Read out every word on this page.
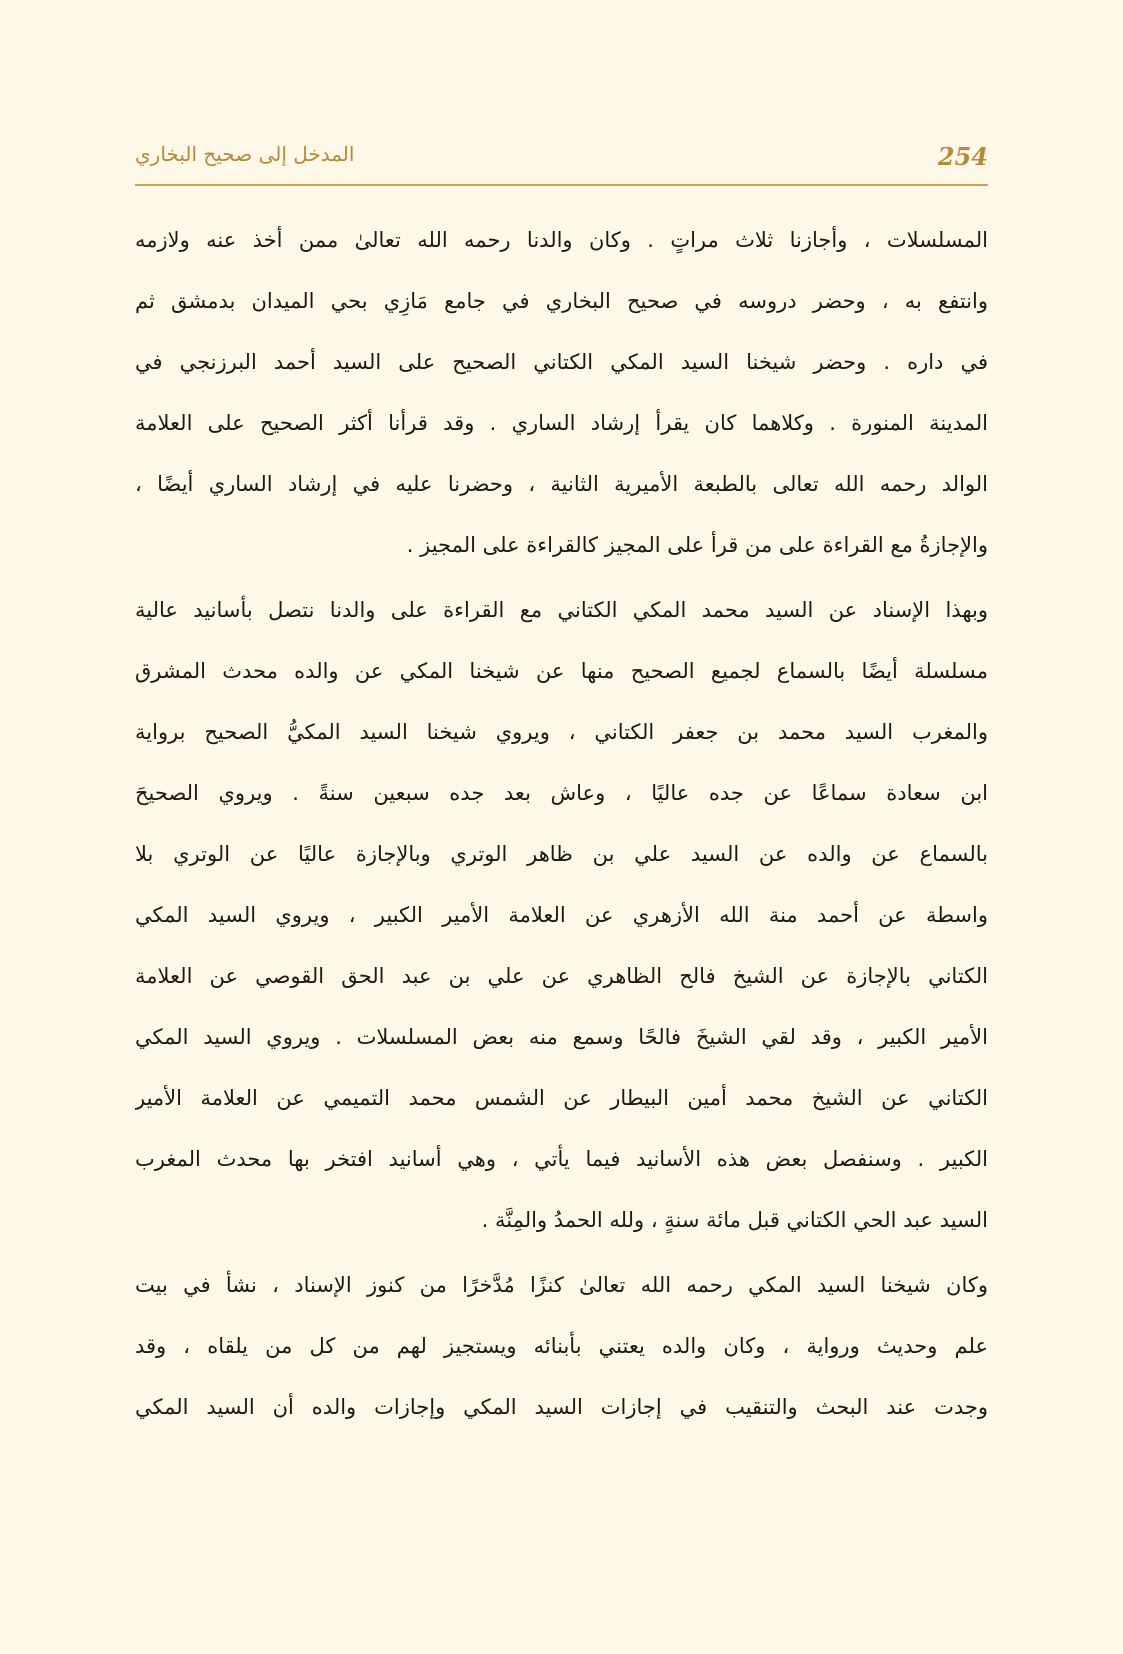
254
المدخل إلى صحيح البخاري
المسلسلات ، وأجازنا ثلاث مراتٍ . وكان والدنا رحمه الله تعالىٰ ممن أخذ عنه ولازمه
وانتفع به ، وحضر دروسه في صحيح البخاري في جامع مَازِي بحي الميدان بدمشق ثم
في داره . وحضر شيخنا السيد المكي الكتاني الصحيح على السيد أحمد البرزنجي في
المدينة المنورة . وكلاهما كان يقرأ إرشاد الساري . وقد قرأنا أكثر الصحيح على العلامة
الوالد رحمه الله تعالى بالطبعة الأميرية الثانية ، وحضرنا عليه في إرشاد الساري أيضًا ،
والإجازةُ مع القراءة على من قرأ على المجيز كالقراءة على المجيز .
وبهذا الإسناد عن السيد محمد المكي الكتاني مع القراءة على والدنا نتصل بأسانيد عالية
مسلسلة أيضًا بالسماع لجميع الصحيح منها عن شيخنا المكي عن والده محدث المشرق
والمغرب السيد محمد بن جعفر الكتاني ، ويروي شيخنا السيد المكيُّ الصحيح برواية
ابن سعادة سماعًا عن جده عاليًا ، وعاش بعد جده سبعين سنةً . ويروي الصحيحَ
بالسماع عن والده عن السيد علي بن ظاهر الوتري وبالإجازة عاليًا عن الوتري بلا
واسطة عن أحمد منة الله الأزهري عن العلامة الأمير الكبير ، ويروي السيد المكي
الكتاني بالإجازة عن الشيخ فالح الظاهري عن علي بن عبد الحق القوصي عن العلامة
الأمير الكبير ، وقد لقي الشيخَ فالحًا وسمع منه بعض المسلسلات . ويروي السيد المكي
الكتاني عن الشيخ محمد أمين البيطار عن الشمس محمد التميمي عن العلامة الأمير
الكبير . وسنفصل بعض هذه الأسانيد فيما يأتي ، وهي أسانيد افتخر بها محدث المغرب
السيد عبد الحي الكتاني قبل مائة سنةٍ ، ولله الحمدُ والمِنَّة .
وكان شيخنا السيد المكي رحمه الله تعالىٰ كنزًا مُدَّخرًا من كنوز الإسناد ، نشأ في بيت
علم وحديث ورواية ، وكان والده يعتني بأبنائه ويستجيز لهم من كل من يلقاه ، وقد
وجدت عند البحث والتنقيب في إجازات السيد المكي وإجازات والده أن السيد المكي
